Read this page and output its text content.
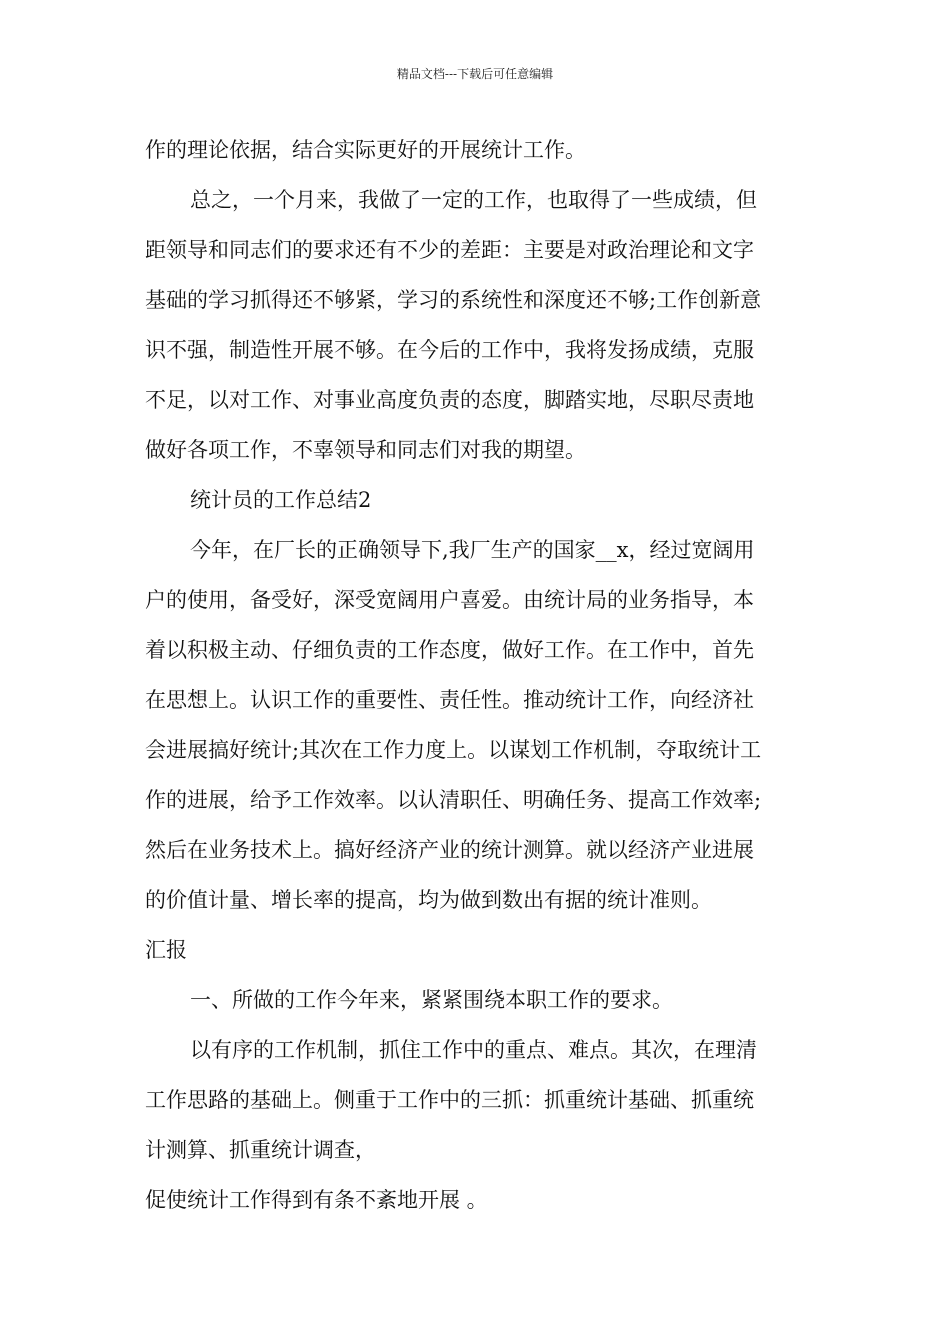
精品文档---下载后可任意编辑
作的理论依据，结合实际更好的开展统计工作。
总之，一个月来，我做了一定的工作，也取得了一些成绩，但
距领导和同志们的要求还有不少的差距：主要是对政治理论和文字
基础的学习抓得还不够紧，学习的系统性和深度还不够;工作创新意
识不强，制造性开展不够。在今后的工作中，我将发扬成绩，克服
不足，以对工作、对事业高度负责的态度，脚踏实地，尽职尽责地
做好各项工作，不辜领导和同志们对我的期望。
统计员的工作总结2
今年，在厂长的正确领导下,我厂生产的国家__x，经过宽阔用
户的使用，备受好，深受宽阔用户喜爱。由统计局的业务指导，本
着以积极主动、仔细负责的工作态度，做好工作。在工作中，首先
在思想上。认识工作的重要性、责任性。推动统计工作，向经济社
会进展搞好统计;其次在工作力度上。以谋划工作机制，夺取统计工
作的进展，给予工作效率。以认清职任、明确任务、提高工作效率;
然后在业务技术上。搞好经济产业的统计测算。就以经济产业进展
的价值计量、增长率的提高，均为做到数出有据的统计准则。
汇报
一、所做的工作今年来，紧紧围绕本职工作的要求。
以有序的工作机制，抓住工作中的重点、难点。其次，在理清
工作思路的基础上。侧重于工作中的三抓：抓重统计基础、抓重统
计测算、抓重统计调查，
促使统计工作得到有条不紊地开展 。
